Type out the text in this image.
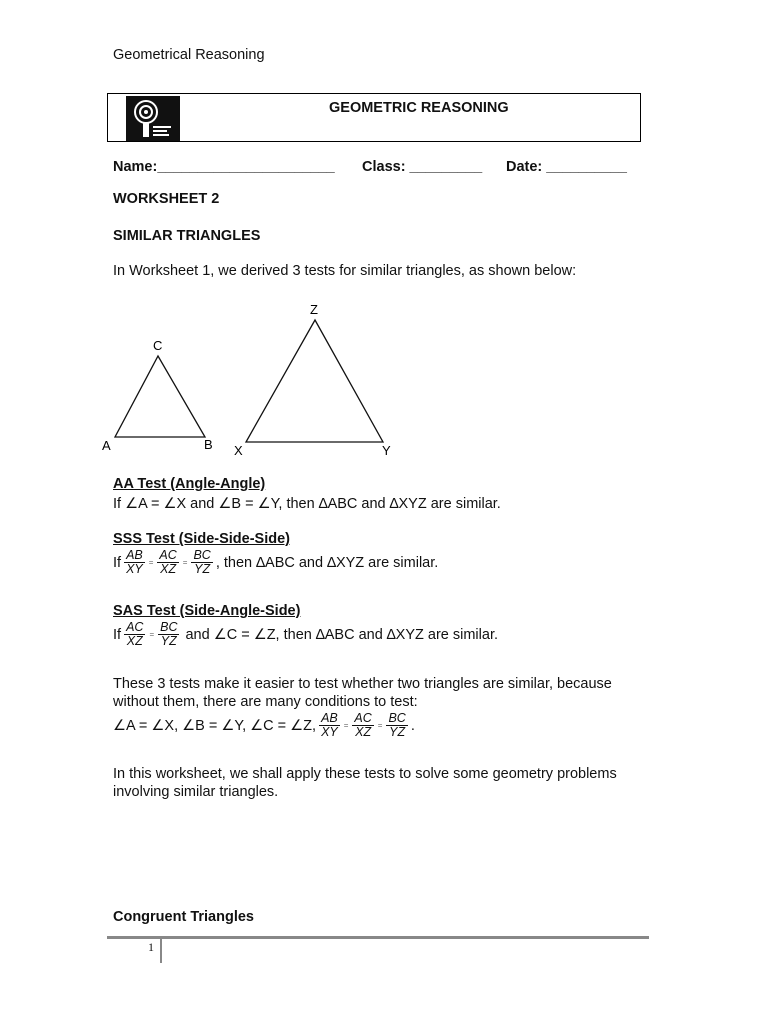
Geometrical Reasoning
GEOMETRIC REASONING
Name:______________________ Class: _________ Date: __________
WORKSHEET 2
SIMILAR TRIANGLES
In Worksheet 1, we derived 3 tests for similar triangles, as shown below:
A	B
C
X	Y
Z
AA Test (Angle-Angle)
If ∠A = ∠X and ∠B = ∠Y, then ∆ABC and ∆XYZ are similar.
SSS Test (Side-Side-Side)
If $\frac{AB}{XY} = \frac{AC}{XZ} = \frac{BC}{YZ}$ , then ∆ABC and ∆XYZ are similar.
SAS Test (Side-Angle-Side)
If $\frac{AC}{XZ} = \frac{BC}{YZ}$ and ∠C = ∠Z, then ∆ABC and ∆XYZ are similar.
These 3 tests make it easier to test whether two triangles are similar, because
without them, there are many conditions to test:
∠A = ∠X, ∠B = ∠Y, ∠C = ∠Z, $\frac{AB}{XY} = \frac{AC}{XZ} = \frac{BC}{YZ}$ .
In this worksheet, we shall apply these tests to solve some geometry problems
involving similar triangles.
Congruent Triangles
1
